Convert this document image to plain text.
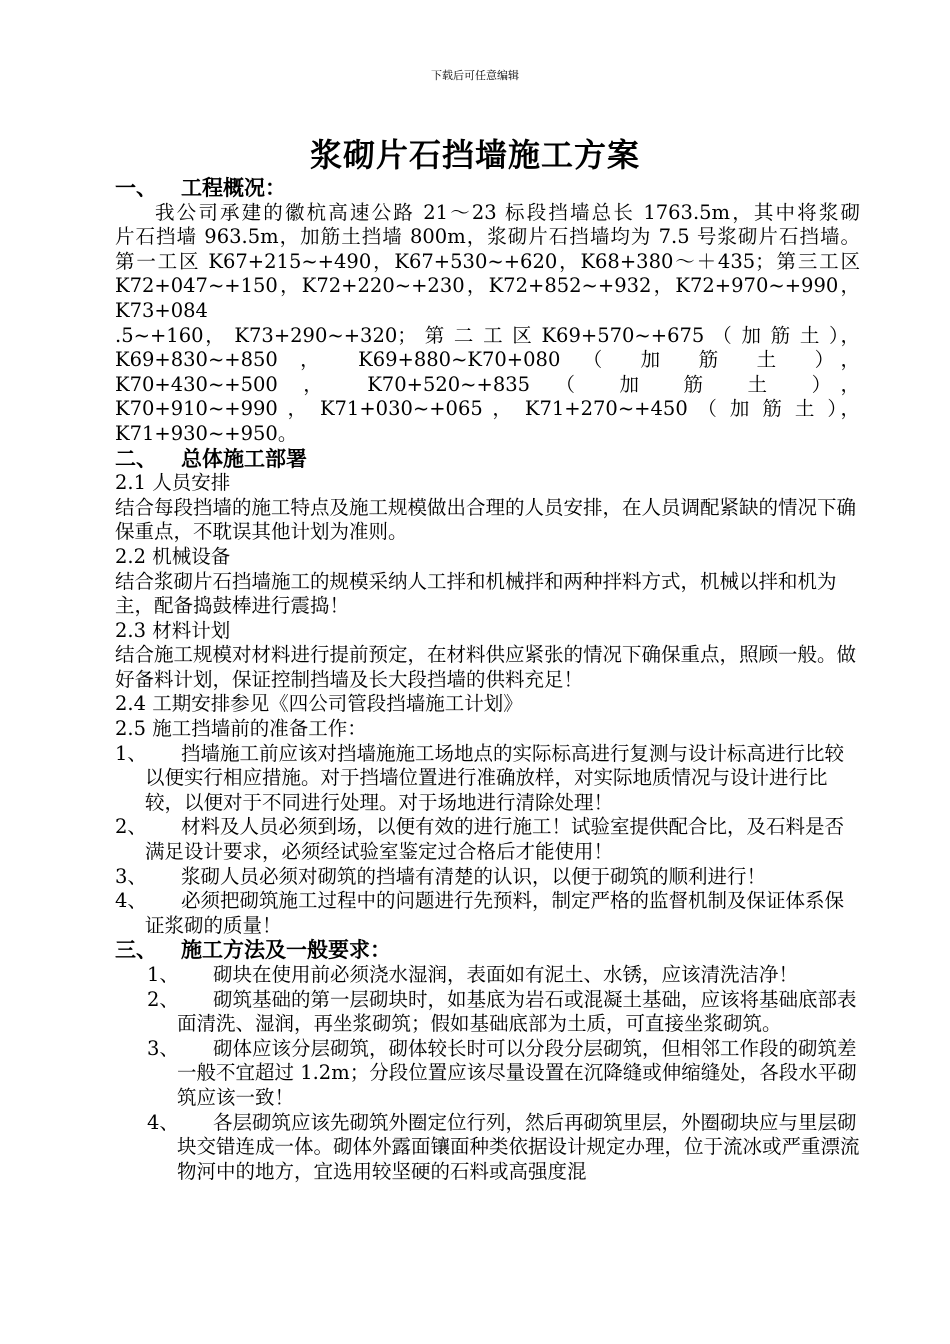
下载后可任意编辑
浆砌片石挡墙施工方案

一、 工程概况：

我公司承建的徽杭高速公路 21～23 标段挡墙总长 1763.5m，其中将浆砌

片石挡墙 963.5m，加筋土挡墙 800m，浆砌片石挡墙均为 7.5 号浆砌片石挡墙。

第一工区 K67+215~+490，K67+530~+620，K68+380～＋435；第三工区

K72+047~+150，K72+220~+230，K72+852~+932，K72+970~+990，K73+084

.5~+160， K73+290~+320； 第 二 工 区 K69+570~+675 （ 加 筋 土 ），

K69+830~+850 ， K69+880~K70+080 （ 加 筋 土 ），

K70+430~+500 ， K70+520~+835 （ 加 筋 土 ），

K70+910~+990 ， K71+030~+065 ， K71+270~+450 （ 加 筋 土 ），

K71+930~+950。

二、 总体施工部署

2.1 人员安排

结合每段挡墙的施工特点及施工规模做出合理的人员安排，在人员调配紧缺的情况下确保重点，不耽误其他计划为准则。

2.2 机械设备

结合浆砌片石挡墙施工的规模采纳人工拌和机械拌和两种拌料方式，机械以拌和机为主，配备捣鼓棒进行震捣！

2.3 材料计划

结合施工规模对材料进行提前预定，在材料供应紧张的情况下确保重点，照顾一般。做好备料计划，保证控制挡墙及长大段挡墙的供料充足！

2.4 工期安排参见《四公司管段挡墙施工计划》

2.5 施工挡墙前的准备工作：

1、 挡墙施工前应该对挡墙施施工场地点的实际标高进行复测与设计标高进行比较以便实行相应措施。对于挡墙位置进行准确放样，对实际地质情况与设计进行比较，以便对于不同进行处理。对于场地进行清除处理！

2、 材料及人员必须到场，以便有效的进行施工！试验室提供配合比，及石料是否满足设计要求，必须经试验室鉴定过合格后才能使用！

3、 浆砌人员必须对砌筑的挡墙有清楚的认识，以便于砌筑的顺利进行！

4、 必须把砌筑施工过程中的问题进行先预料，制定严格的监督机制及保证体系保证浆砌的质量！

三、 施工方法及一般要求：

1、 砌块在使用前必须浇水湿润，表面如有泥土、水锈，应该清洗洁净！

2、 砌筑基础的第一层砌块时，如基底为岩石或混凝土基础，应该将基础底部表面清洗、湿润，再坐浆砌筑；假如基础底部为土质，可直接坐浆砌筑。

3、 砌体应该分层砌筑，砌体较长时可以分段分层砌筑，但相邻工作段的砌筑差一般不宜超过 1.2m；分段位置应该尽量设置在沉降缝或伸缩缝处，各段水平砌筑应该一致！

4、 各层砌筑应该先砌筑外圈定位行列，然后再砌筑里层，外圈砌块应与里层砌块交错连成一体。砌体外露面镶面种类依据设计规定办理，位于流冰或严重漂流物河中的地方，宜选用较坚硬的石料或高强度混
